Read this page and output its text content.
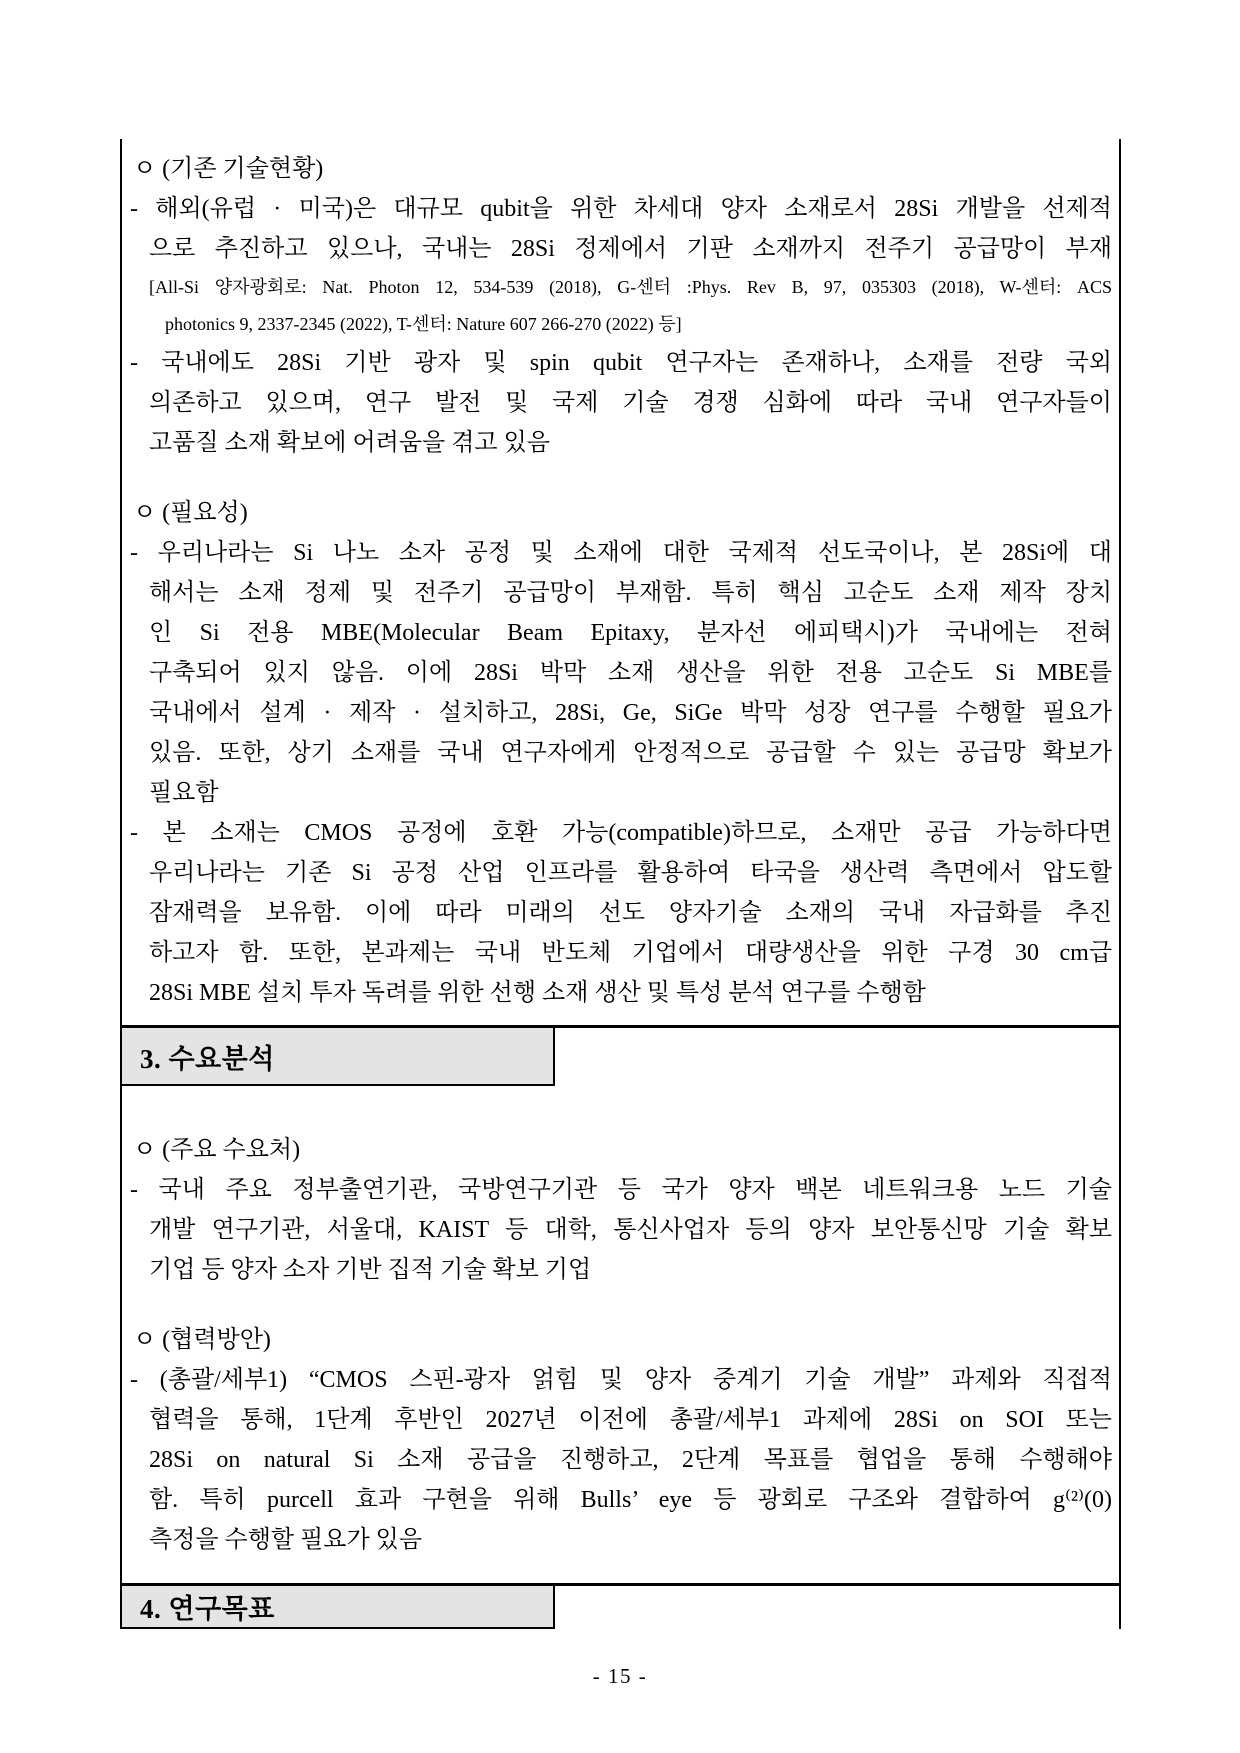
ㅇ (기존 기술현황)
- 해외(유럽 · 미국)은 대규모 qubit을 위한 차세대 양자 소재로서 28Si 개발을 선제적
으로 추진하고 있으나, 국내는 28Si 정제에서 기판 소재까지 전주기 공급망이 부재
[All-Si 양자광회로: Nat. Photon 12, 534-539 (2018), G-센터 :Phys. Rev B, 97, 035303 (2018), W-센터: ACS
photonics 9, 2337-2345 (2022), T-센터: Nature 607 266-270 (2022) 등]
- 국내에도 28Si 기반 광자 및 spin qubit 연구자는 존재하나, 소재를 전량 국외
의존하고 있으며, 연구 발전 및 국제 기술 경쟁 심화에 따라 국내 연구자들이
고품질 소재 확보에 어려움을 겪고 있음
ㅇ (필요성)
- 우리나라는 Si 나노 소자 공정 및 소재에 대한 국제적 선도국이나, 본 28Si에 대
해서는 소재 정제 및 전주기 공급망이 부재함. 특히 핵심 고순도 소재 제작 장치
인 Si 전용 MBE(Molecular Beam Epitaxy, 분자선 에피택시)가 국내에는 전혀
구축되어 있지 않음. 이에 28Si 박막 소재 생산을 위한 전용 고순도 Si MBE를
국내에서 설계 · 제작 · 설치하고, 28Si, Ge, SiGe 박막 성장 연구를 수행할 필요가
있음. 또한, 상기 소재를 국내 연구자에게 안정적으로 공급할 수 있는 공급망 확보가
필요함
- 본 소재는 CMOS 공정에 호환 가능(compatible)하므로, 소재만 공급 가능하다면
우리나라는 기존 Si 공정 산업 인프라를 활용하여 타국을 생산력 측면에서 압도할
잠재력을 보유함. 이에 따라 미래의 선도 양자기술 소재의 국내 자급화를 추진
하고자 함. 또한, 본과제는 국내 반도체 기업에서 대량생산을 위한 구경 30 cm급
28Si MBE 설치 투자 독려를 위한 선행 소재 생산 및 특성 분석 연구를 수행함
3. 수요분석
ㅇ (주요 수요처)
- 국내 주요 정부출연기관, 국방연구기관 등 국가 양자 백본 네트워크용 노드 기술
개발 연구기관, 서울대, KAIST 등 대학, 통신사업자 등의 양자 보안통신망 기술 확보
기업 등 양자 소자 기반 집적 기술 확보 기업
ㅇ (협력방안)
- (총괄/세부1) “CMOS 스핀-광자 얽힘 및 양자 중계기 기술 개발” 과제와 직접적
협력을 통해, 1단계 후반인 2027년 이전에 총괄/세부1 과제에 28Si on SOI 또는
28Si on natural Si 소재 공급을 진행하고, 2단계 목표를 협업을 통해 수행해야
함. 특히 purcell 효과 구현을 위해 Bulls’ eye 등 광회로 구조와 결합하여 g⁽²⁾(0)
측정을 수행할 필요가 있음
4. 연구목표
- 15 -
